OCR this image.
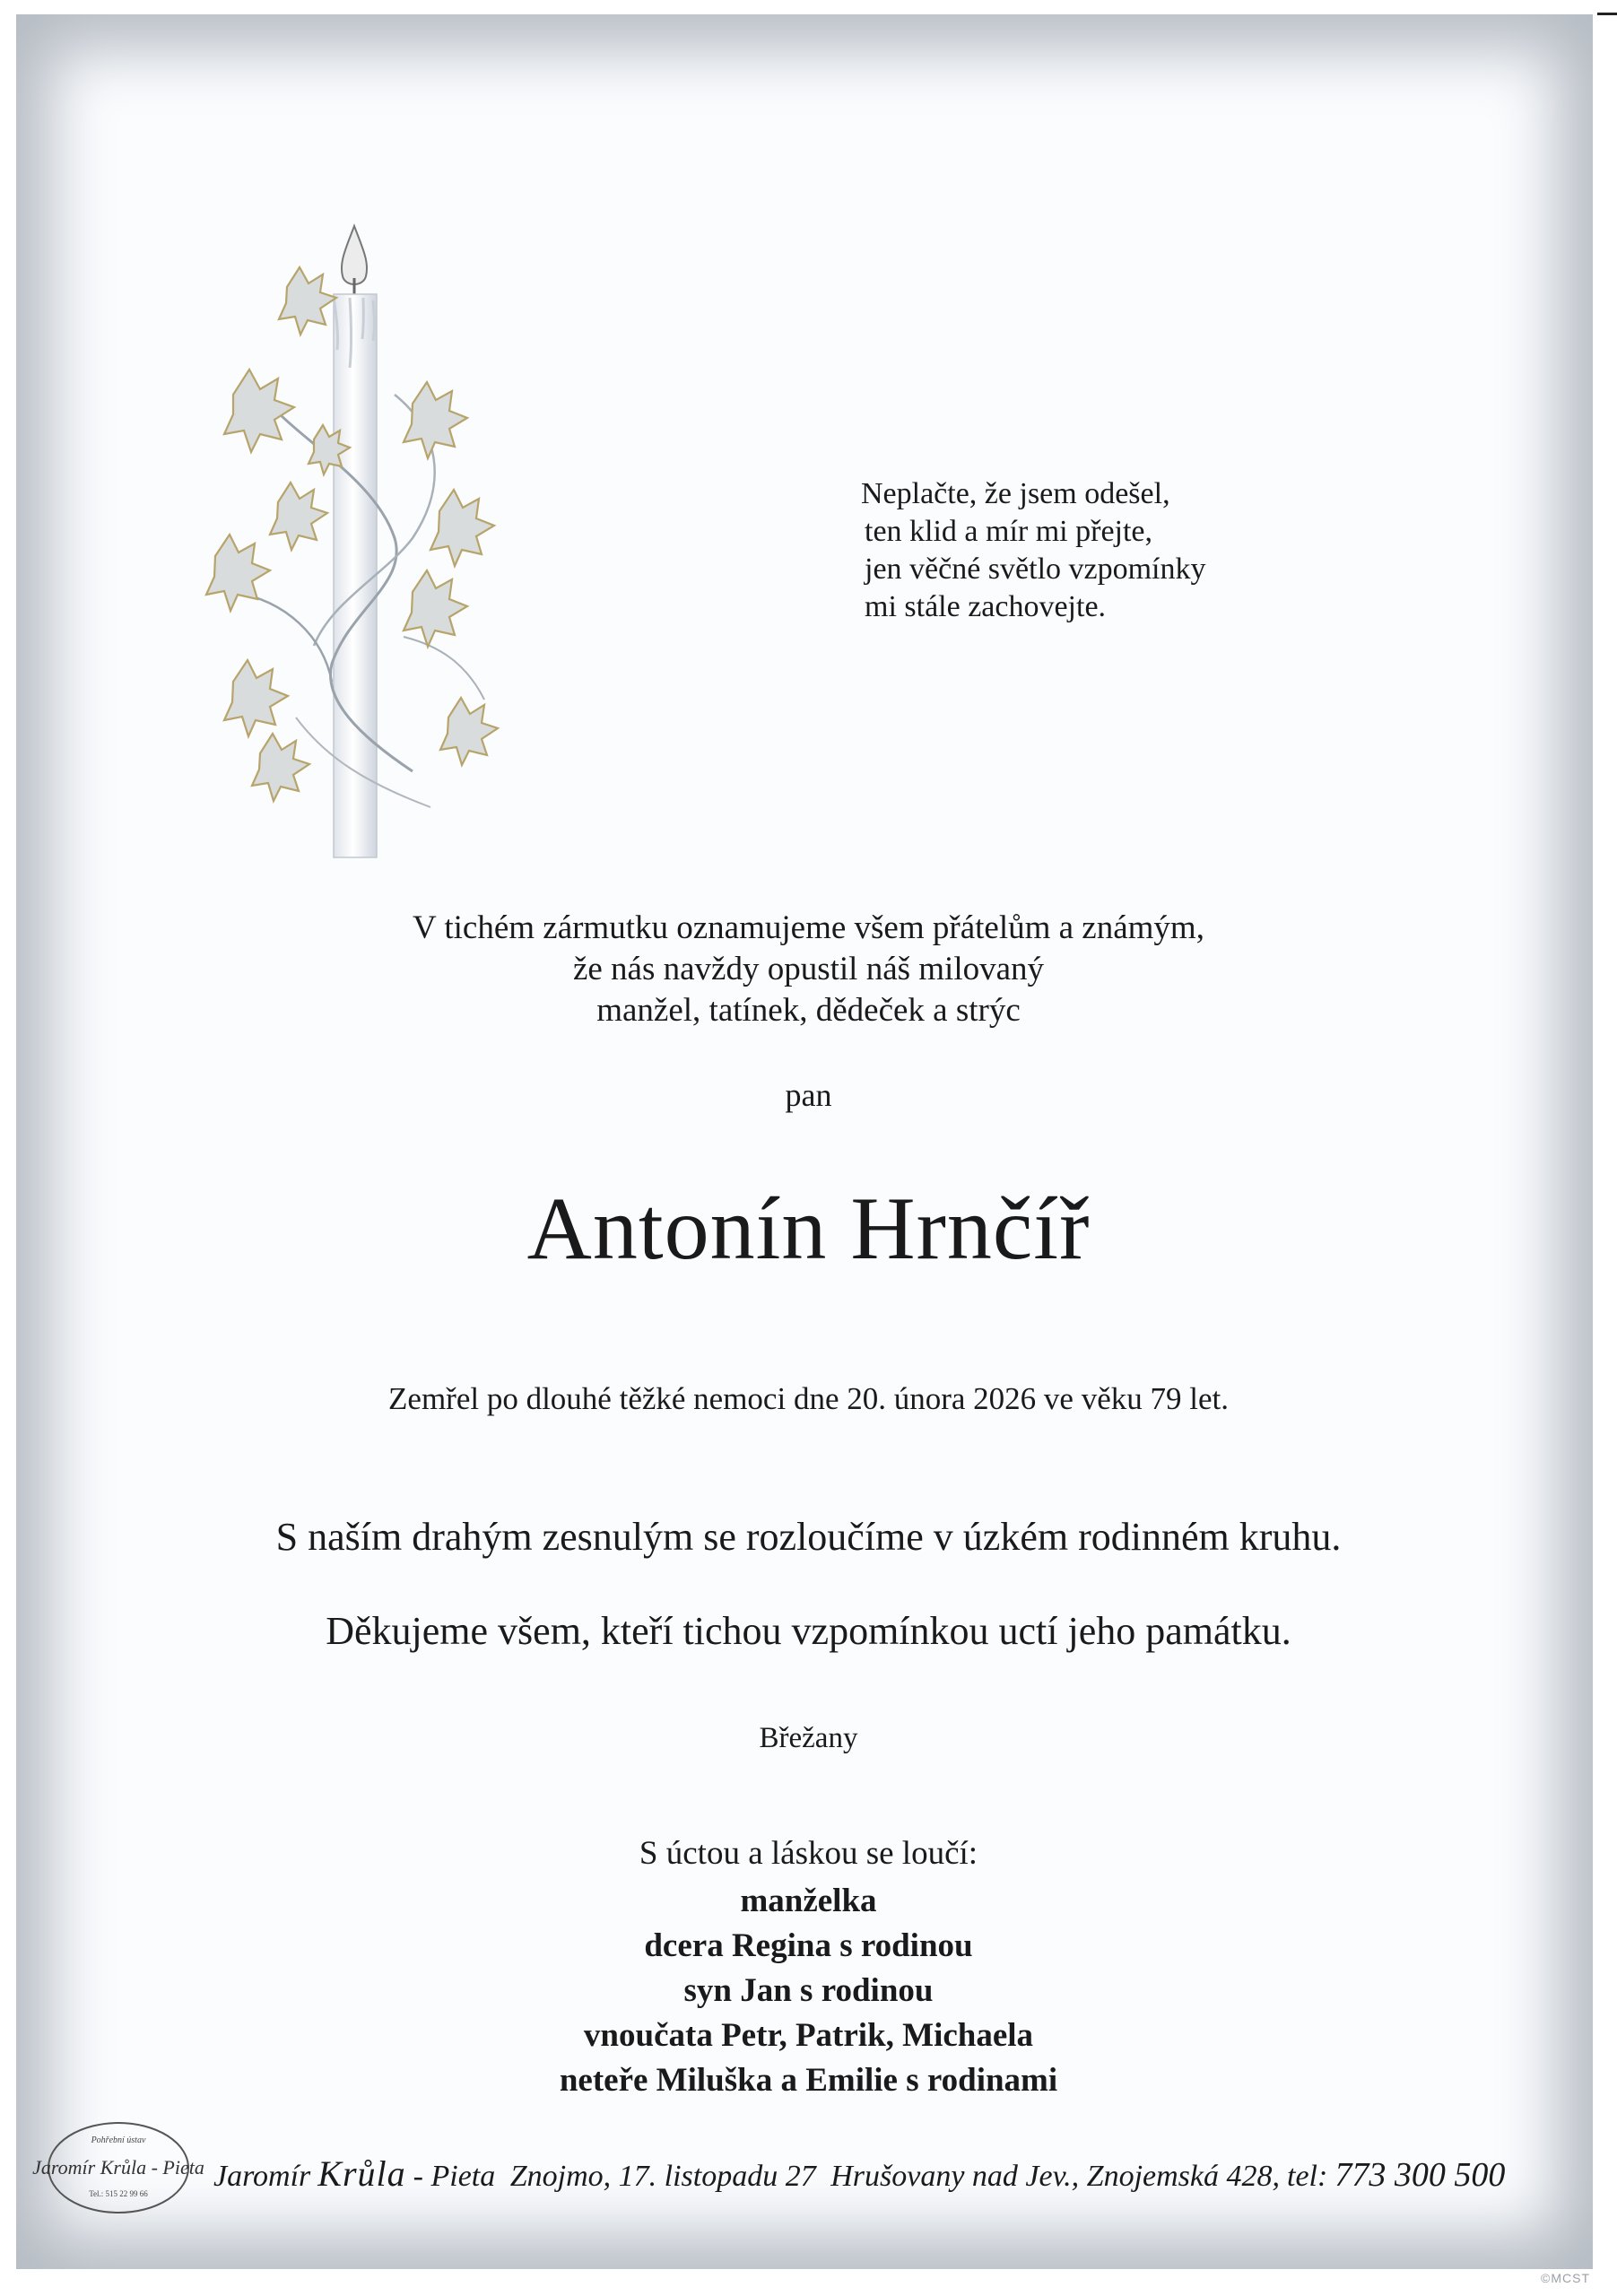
Neplačte, že jsem odešel,
ten klid a mír mi přejte,
jen věčné světlo vzpomínky
mi stále zachovejte.
V tichém zármutku oznamujeme všem přátelům a známým,
že nás navždy opustil náš milovaný
manžel, tatínek, dědeček a strýc
pan
Antonín Hrnčíř
Zemřel po dlouhé těžké nemoci dne 20. února 2026 ve věku 79 let.
S naším drahým zesnulým se rozloučíme v úzkém rodinném kruhu.
Děkujeme všem, kteří tichou vzpomínkou uctí jeho památku.
Břežany
S úctou a láskou se loučí:
manželka
dcera Regina s rodinou
syn Jan s rodinou
vnoučata Petr, Patrik, Michaela
neteře Miluška a Emilie s rodinami
Pohřební ústav
Jaromír Krůla - Pieta
Tel.: 515 22 99 66
Jaromír Krůla - Pieta Znojmo, 17. listopadu 27 Hrušovany nad Jev., Znojemská 428, tel: 773 300 500
©MCST
